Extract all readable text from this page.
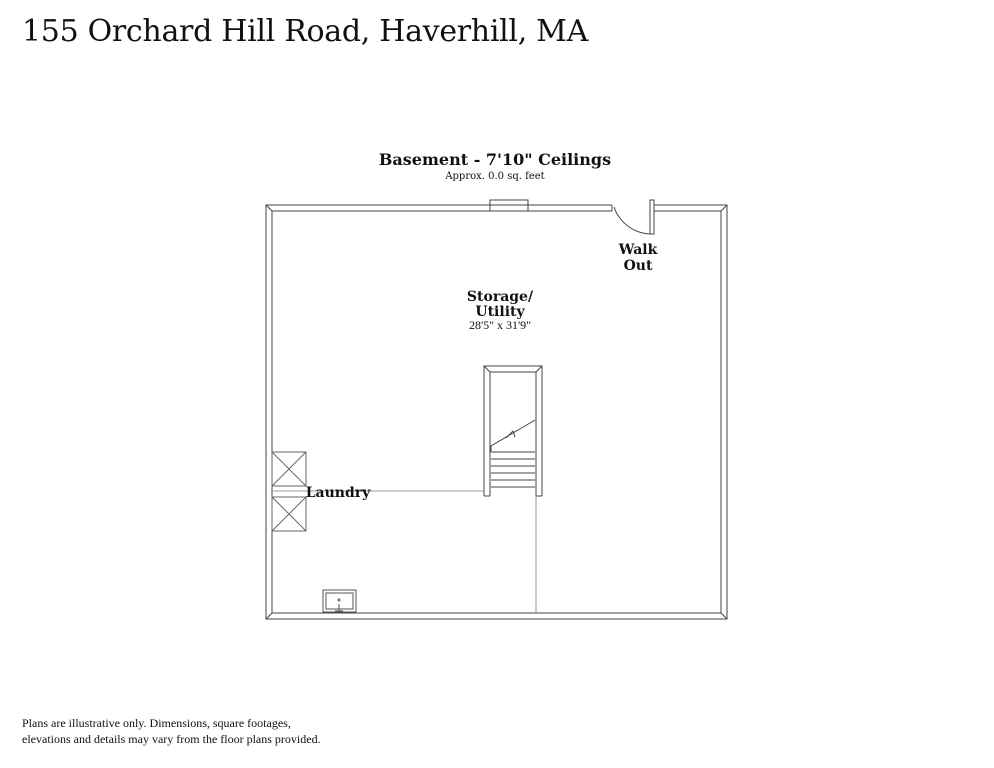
155 Orchard Hill Road, Haverhill, MA
Basement - 7'10" Ceilings
Approx. 0.0 sq. feet
Storage/
Utility
28'5" x 31'9"
Walk
Out
Laundry
Plans are illustrative only. Dimensions, square footages,
elevations and details may vary from the floor plans provided.
